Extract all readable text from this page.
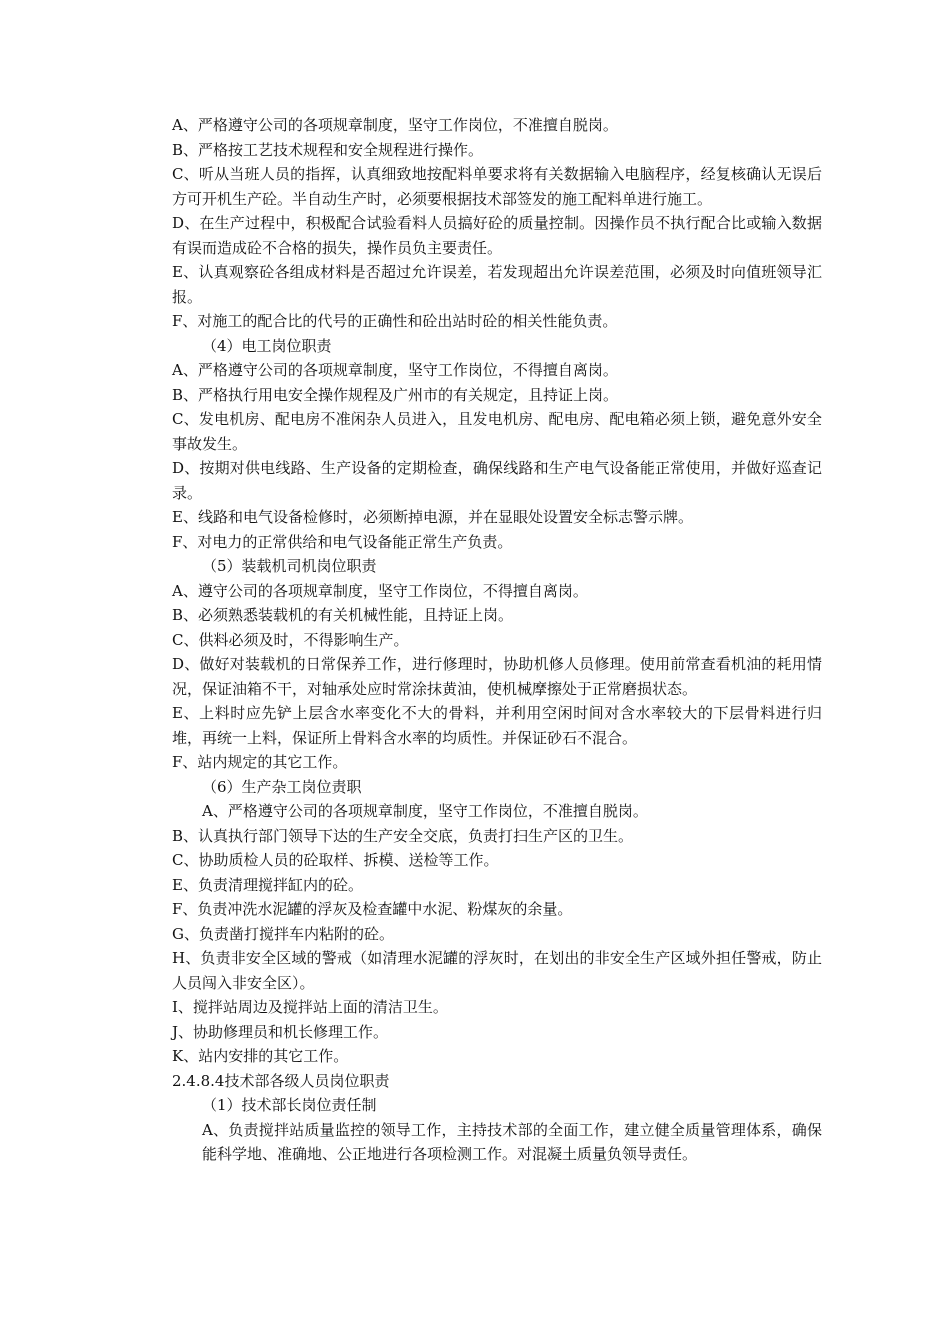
A、严格遵守公司的各项规章制度，坚守工作岗位，不准擅自脱岗。

B、严格按工艺技术规程和安全规程进行操作。

C、听从当班人员的指挥，认真细致地按配料单要求将有关数据输入电脑程序，经复核确认无误后方可开机生产砼。半自动生产时，必须要根据技术部签发的施工配料单进行施工。

D、在生产过程中，积极配合试验看料人员搞好砼的质量控制。因操作员不执行配合比或输入数据有误而造成砼不合格的损失，操作员负主要责任。

E、认真观察砼各组成材料是否超过允许误差，若发现超出允许误差范围，必须及时向值班领导汇报。

F、对施工的配合比的代号的正确性和砼出站时砼的相关性能负责。

（4）电工岗位职责

A、严格遵守公司的各项规章制度，坚守工作岗位，不得擅自离岗。

B、严格执行用电安全操作规程及广州市的有关规定，且持证上岗。

C、发电机房、配电房不准闲杂人员进入，且发电机房、配电房、配电箱必须上锁，避免意外安全事故发生。

D、按期对供电线路、生产设备的定期检查，确保线路和生产电气设备能正常使用，并做好巡查记录。

E、线路和电气设备检修时，必须断掉电源，并在显眼处设置安全标志警示牌。

F、对电力的正常供给和电气设备能正常生产负责。

（5）装载机司机岗位职责

A、遵守公司的各项规章制度，坚守工作岗位，不得擅自离岗。

B、必须熟悉装载机的有关机械性能，且持证上岗。

C、供料必须及时，不得影响生产。

D、做好对装载机的日常保养工作，进行修理时，协助机修人员修理。使用前常查看机油的耗用情况，保证油箱不干，对轴承处应时常涂抹黄油，使机械摩擦处于正常磨损状态。

E、上料时应先铲上层含水率变化不大的骨料，并利用空闲时间对含水率较大的下层骨料进行归堆，再统一上料，保证所上骨料含水率的均质性。并保证砂石不混合。

F、站内规定的其它工作。

（6）生产杂工岗位责职

A、严格遵守公司的各项规章制度，坚守工作岗位，不准擅自脱岗。

B、认真执行部门领导下达的生产安全交底，负责打扫生产区的卫生。

C、协助质检人员的砼取样、拆模、送检等工作。

E、负责清理搅拌缸内的砼。

F、负责冲洗水泥罐的浮灰及检查罐中水泥、粉煤灰的余量。

G、负责凿打搅拌车内粘附的砼。

H、负责非安全区域的警戒（如清理水泥罐的浮灰时，在划出的非安全生产区域外担任警戒，防止人员闯入非安全区）。

I、搅拌站周边及搅拌站上面的清洁卫生。

J、协助修理员和机长修理工作。

K、站内安排的其它工作。

2.4.8.4技术部各级人员岗位职责

（1）技术部长岗位责任制

A、负责搅拌站质量监控的领导工作，主持技术部的全面工作，建立健全质量管理体系，确保能科学地、准确地、公正地进行各项检测工作。对混凝土质量负领导责任。
